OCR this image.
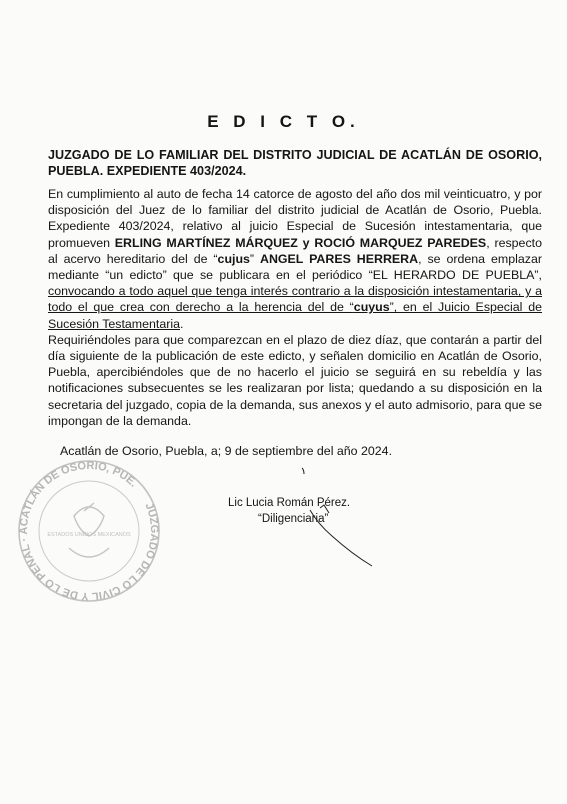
JUZGADO DE LO CIVIL Y DE LO PENAL · ACATLÁN DE OSORIO, PUE.
ESTADOS UNIDOS MEXICANOS
E D I C T O.
JUZGADO DE LO FAMILIAR DEL DISTRITO JUDICIAL DE ACATLÁN DE OSORIO, PUEBLA. EXPEDIENTE 403/2024.

En cumplimiento al auto de fecha 14 catorce de agosto del año dos mil veinticuatro, y por disposición del Juez de lo familiar del distrito judicial de Acatlán de Osorio, Puebla. Expediente 403/2024, relativo al juicio Especial de Sucesión intestamentaria, que promueven ERLING MARTÍNEZ MÁRQUEZ y ROCIÓ MARQUEZ PAREDES, respecto al acervo hereditario del de “cujus” ANGEL PARES HERRERA, se ordena emplazar mediante “un edicto” que se publicara en el periódico “EL HERARDO DE PUEBLA”, convocando a todo aquel que tenga interés contrario a la disposición intestamentaria, y a todo el que crea con derecho a la herencia del de “cuyus”, en el Juicio Especial de Sucesión Testamentaria.

Requiriéndoles para que comparezcan en el plazo de diez díaz, que contarán a partir del día siguiente de la publicación de este edicto, y señalen domicilio en Acatlán de Osorio, Puebla, apercibiéndoles que de no hacerlo el juicio se seguirá en su rebeldía y las notificaciones subsecuentes se les realizaran por lista; quedando a su disposición en la secretaria del juzgado, copia de la demanda, sus anexos y el auto admisorio, para que se impongan de la demanda.

Acatlán de Osorio, Puebla, a; 9 de septiembre del año 2024.
Lic Lucia Román Pérez.
“Diligenciaria”
